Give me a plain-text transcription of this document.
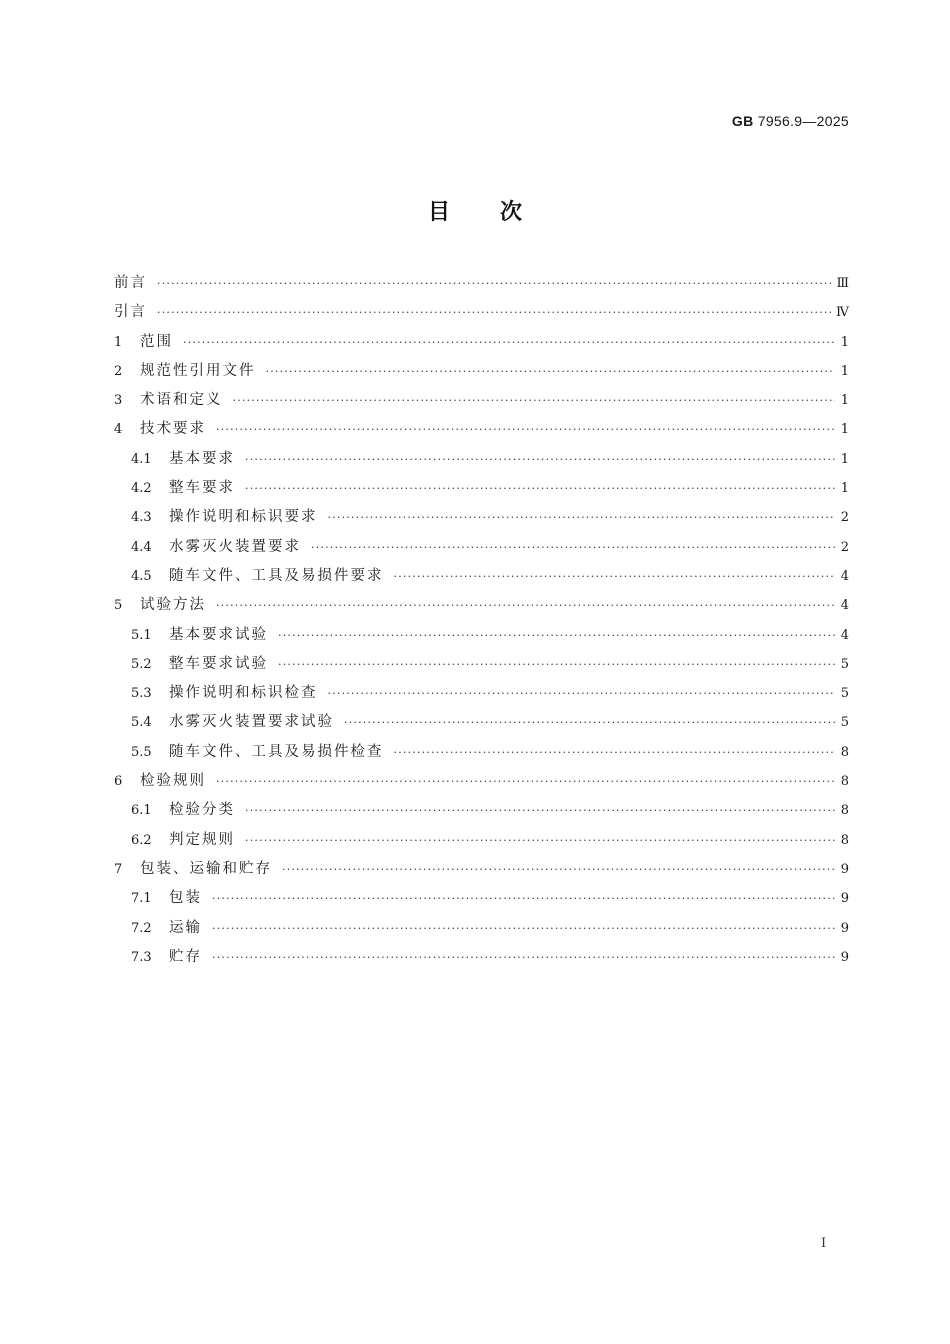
GB 7956.9—2025
目次
前言 ·····	Ⅲ
引言 ·····	Ⅳ
1	范围 ·····	1
2	规范性引用文件 ·····	1
3	术语和定义 ·····	1
4	技术要求 ·····	1
4.1	基本要求 ·····	1
4.2	整车要求 ·····	1
4.3	操作说明和标识要求 ·····	2
4.4	水雾灭火装置要求 ·····	2
4.5	随车文件、工具及易损件要求 ·····	4
5	试验方法 ·····	4
5.1	基本要求试验 ·····	4
5.2	整车要求试验 ·····	5
5.3	操作说明和标识检查 ·····	5
5.4	水雾灭火装置要求试验 ·····	5
5.5	随车文件、工具及易损件检查 ·····	8
6	检验规则 ·····	8
6.1	检验分类 ·····	8
6.2	判定规则 ·····	8
7	包装、运输和贮存 ·····	9
7.1	包装 ·····	9
7.2	运输 ·····	9
7.3	贮存 ·····	9
I
